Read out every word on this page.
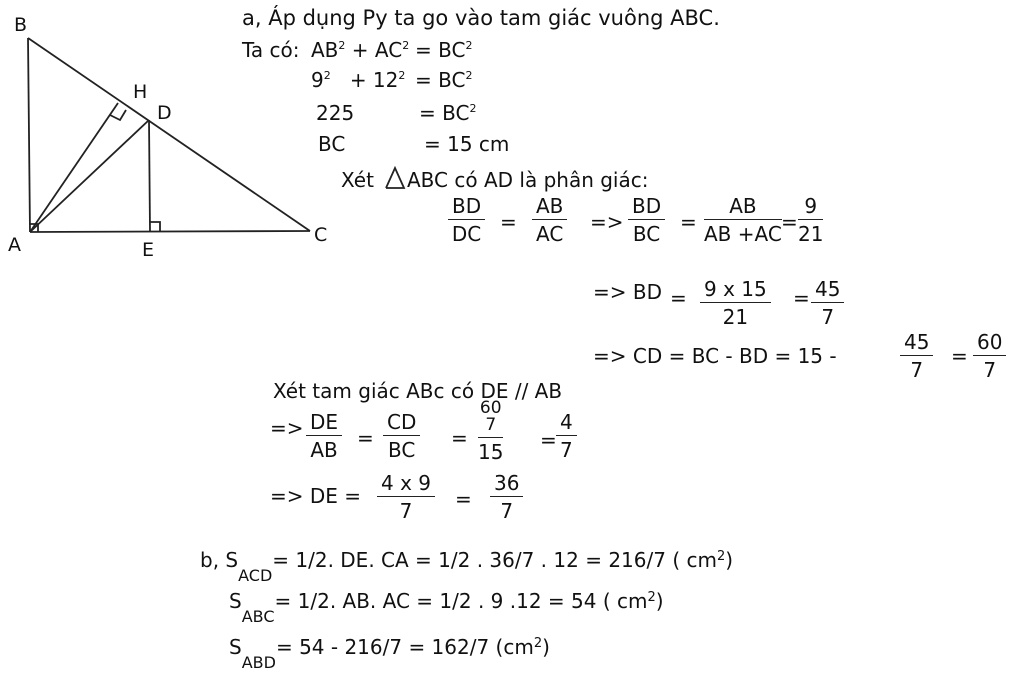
B
H
D
A	E
C
a, Áp dụng Py ta go vào tam giác vuông ABC.
Ta có: $AB^2 + AC^2 = BC^2$
$9^2 + 12^2 = BC^2$
225	= $BC^2$
BC	= 15 cm
Xét ABC có AD là phân giác:
$\frac{BD}{DC} = \frac{AB}{AC} => \frac{BD}{BC} = \frac{AB}{AB +AC} = \frac{9}{21}$
=> BD = $\frac{9 x 15}{21} = \frac{45}{7}$
=> CD = BC - BD = 15 -	$\frac{45}{7} = \frac{60}{7}$
Xét tam giác ABc có DE // AB
=> $\frac{DE}{AB} = \frac{CD}{BC}$ =
60
7
$15 = \frac{4}{7}$
=> DE = $\frac{4 x 9}{7} = \frac{36}{7}$
b, $S_{ACD}= 1/2$. DE. CA = 1/2 . 36/7 . 12 = 216/7 ( $cm^2$)
$S_{ABC}= 1/2$. AB. AC = 1/2 . 9 .12 = 54 ( $cm^2$)
$S_{ABD}= 54 - 216/7 = 162/7$ $(cm^2)$
